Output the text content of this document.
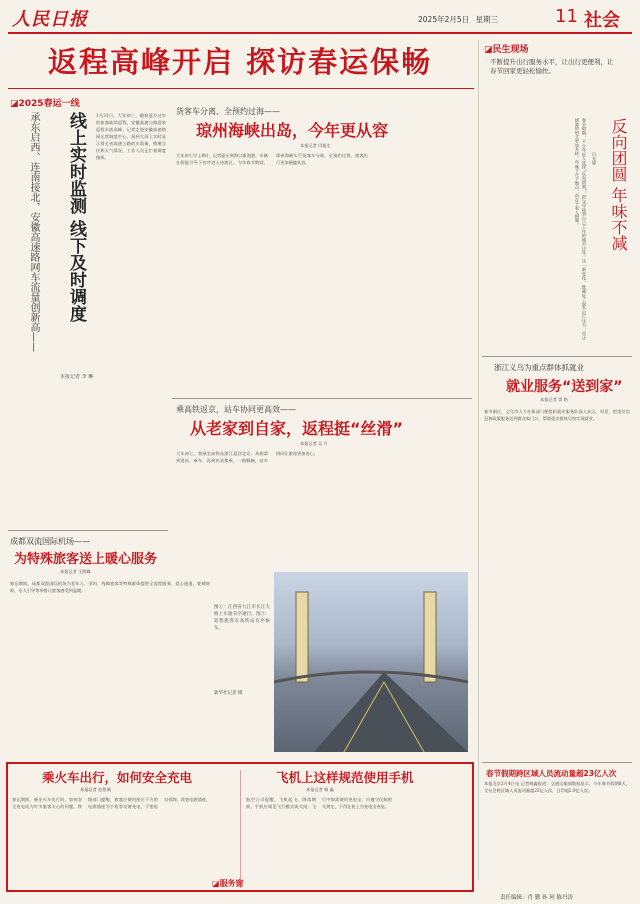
人民日报	2025年2月5日 星期三	11 社会
返程高峰开启 探访春运保畅
◪2025春运一线
线上实时监测 线下及时调度
承东启西、连南接北，安徽高速路网车流量创新高——
本报记者 李 琳
1月31日，大年初三，随着返乡过年的旅客陆续返程，安徽高速公路迎来返程车流高峰。记者走进安徽高速路网运营调度中心，看到大屏上实时显示着全省高速公路的车流量、拥堵点位和天气情况，工作人员正忙着调度指挥。
货客车分离、全预约过海——
琼州海峡出岛，今年更从容
本报记者 闫旭生
大年初七早上8时，记者驱车到海口新海港，车辆在智能引导下有序进入待渡区。今年春节期间，琼州海峡实行货客车分离、全预约过海，旅客出行更加便捷从容。
乘高铁返京，站车协同更高效——
从老家到自家，返程挺“丝滑”
本报记者 吴 月
大年初七，我乘坐高铁从浙江返回北京。从购票到进站、乘车，再到出站换乘，一路顺畅，站车协同让旅途更加省心。
成都双流国际机场——
为特殊旅客送上暖心服务
本报记者 王明峰
春运期间，成都双流国际机场为老年人、孕妇、残障旅客等特殊群体提供全流程服务，爱心通道、轮椅协助、专人引导等举措让旅客感受到温暖。
图①：江西省九江市长江大桥上车流有序通行。图②：返程旅客在高铁站有序候车。
新华社记者 摄
◪民生现场
不断提升出行服务水平，让出行更便利，让春节回家更轻松愉快。
反向团圆 年味不减
白光迪
春节假期，不少年轻人选择“反向团圆”，把父母接到自己工作的城市过年。这一新变化，既减轻了返乡出行压力，也让团圆的形式更加多样。年味不在于地点，而在于家人相聚。
浙江义乌为重点群体抓就业
就业服务“送到家”
本报记者 窦 皓
春节刚过，义乌市人力社保部门便组织就业服务队深入社区、村居，把岗位信息和政策服务送到群众家门口，帮助重点群体尽快实现就业。
春节假期跨区域人员流动量超23亿人次
本报北京2月4日电 记者韩鑫报道：交通运输部数据显示，今年春节假期8天，全社会跨区域人员流动量超23亿人次，日均超2.9亿人次。
乘火车出行，如何安全充电
本报记者 赵景瑞
春运期间，乘坐火车出行时，如何安全充电成为许多旅客关心的问题。铁路部门提醒，旅客应使用座位下方的电源插座为手机等设备充电，不要私自拆卸、改装电源插座。
飞机上这样规范使用手机
本报记者 韩 鑫
航空公司提醒，飞机起飞、降落期间，手机应调至飞行模式或关闭；飞行中如需使用充电宝，应遵守民航相关规定，不得在机上为充电宝充电。
◪服务窗
责任编辑：肖 勤 孙 珂 陈丹涛
